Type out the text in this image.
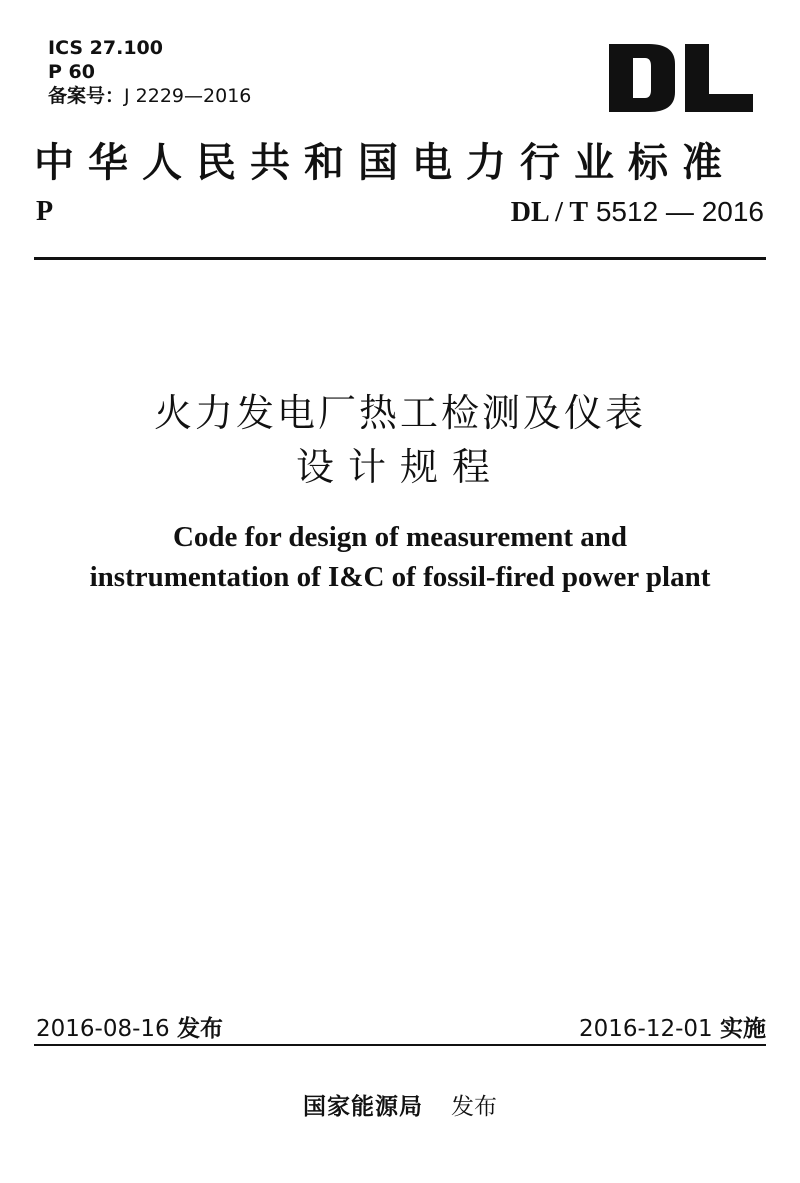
ICS 27.100
P 60
备案号：J 2229—2016
中华人民共和国电力行业标准
P	DL / T 5512 — 2016
火力发电厂热工检测及仪表
设计规程
Code for design of measurement and
instrumentation of I&C of fossil-fired power plant
2016-08-16 发布	2016-12-01 实施
国家能源局 发布
